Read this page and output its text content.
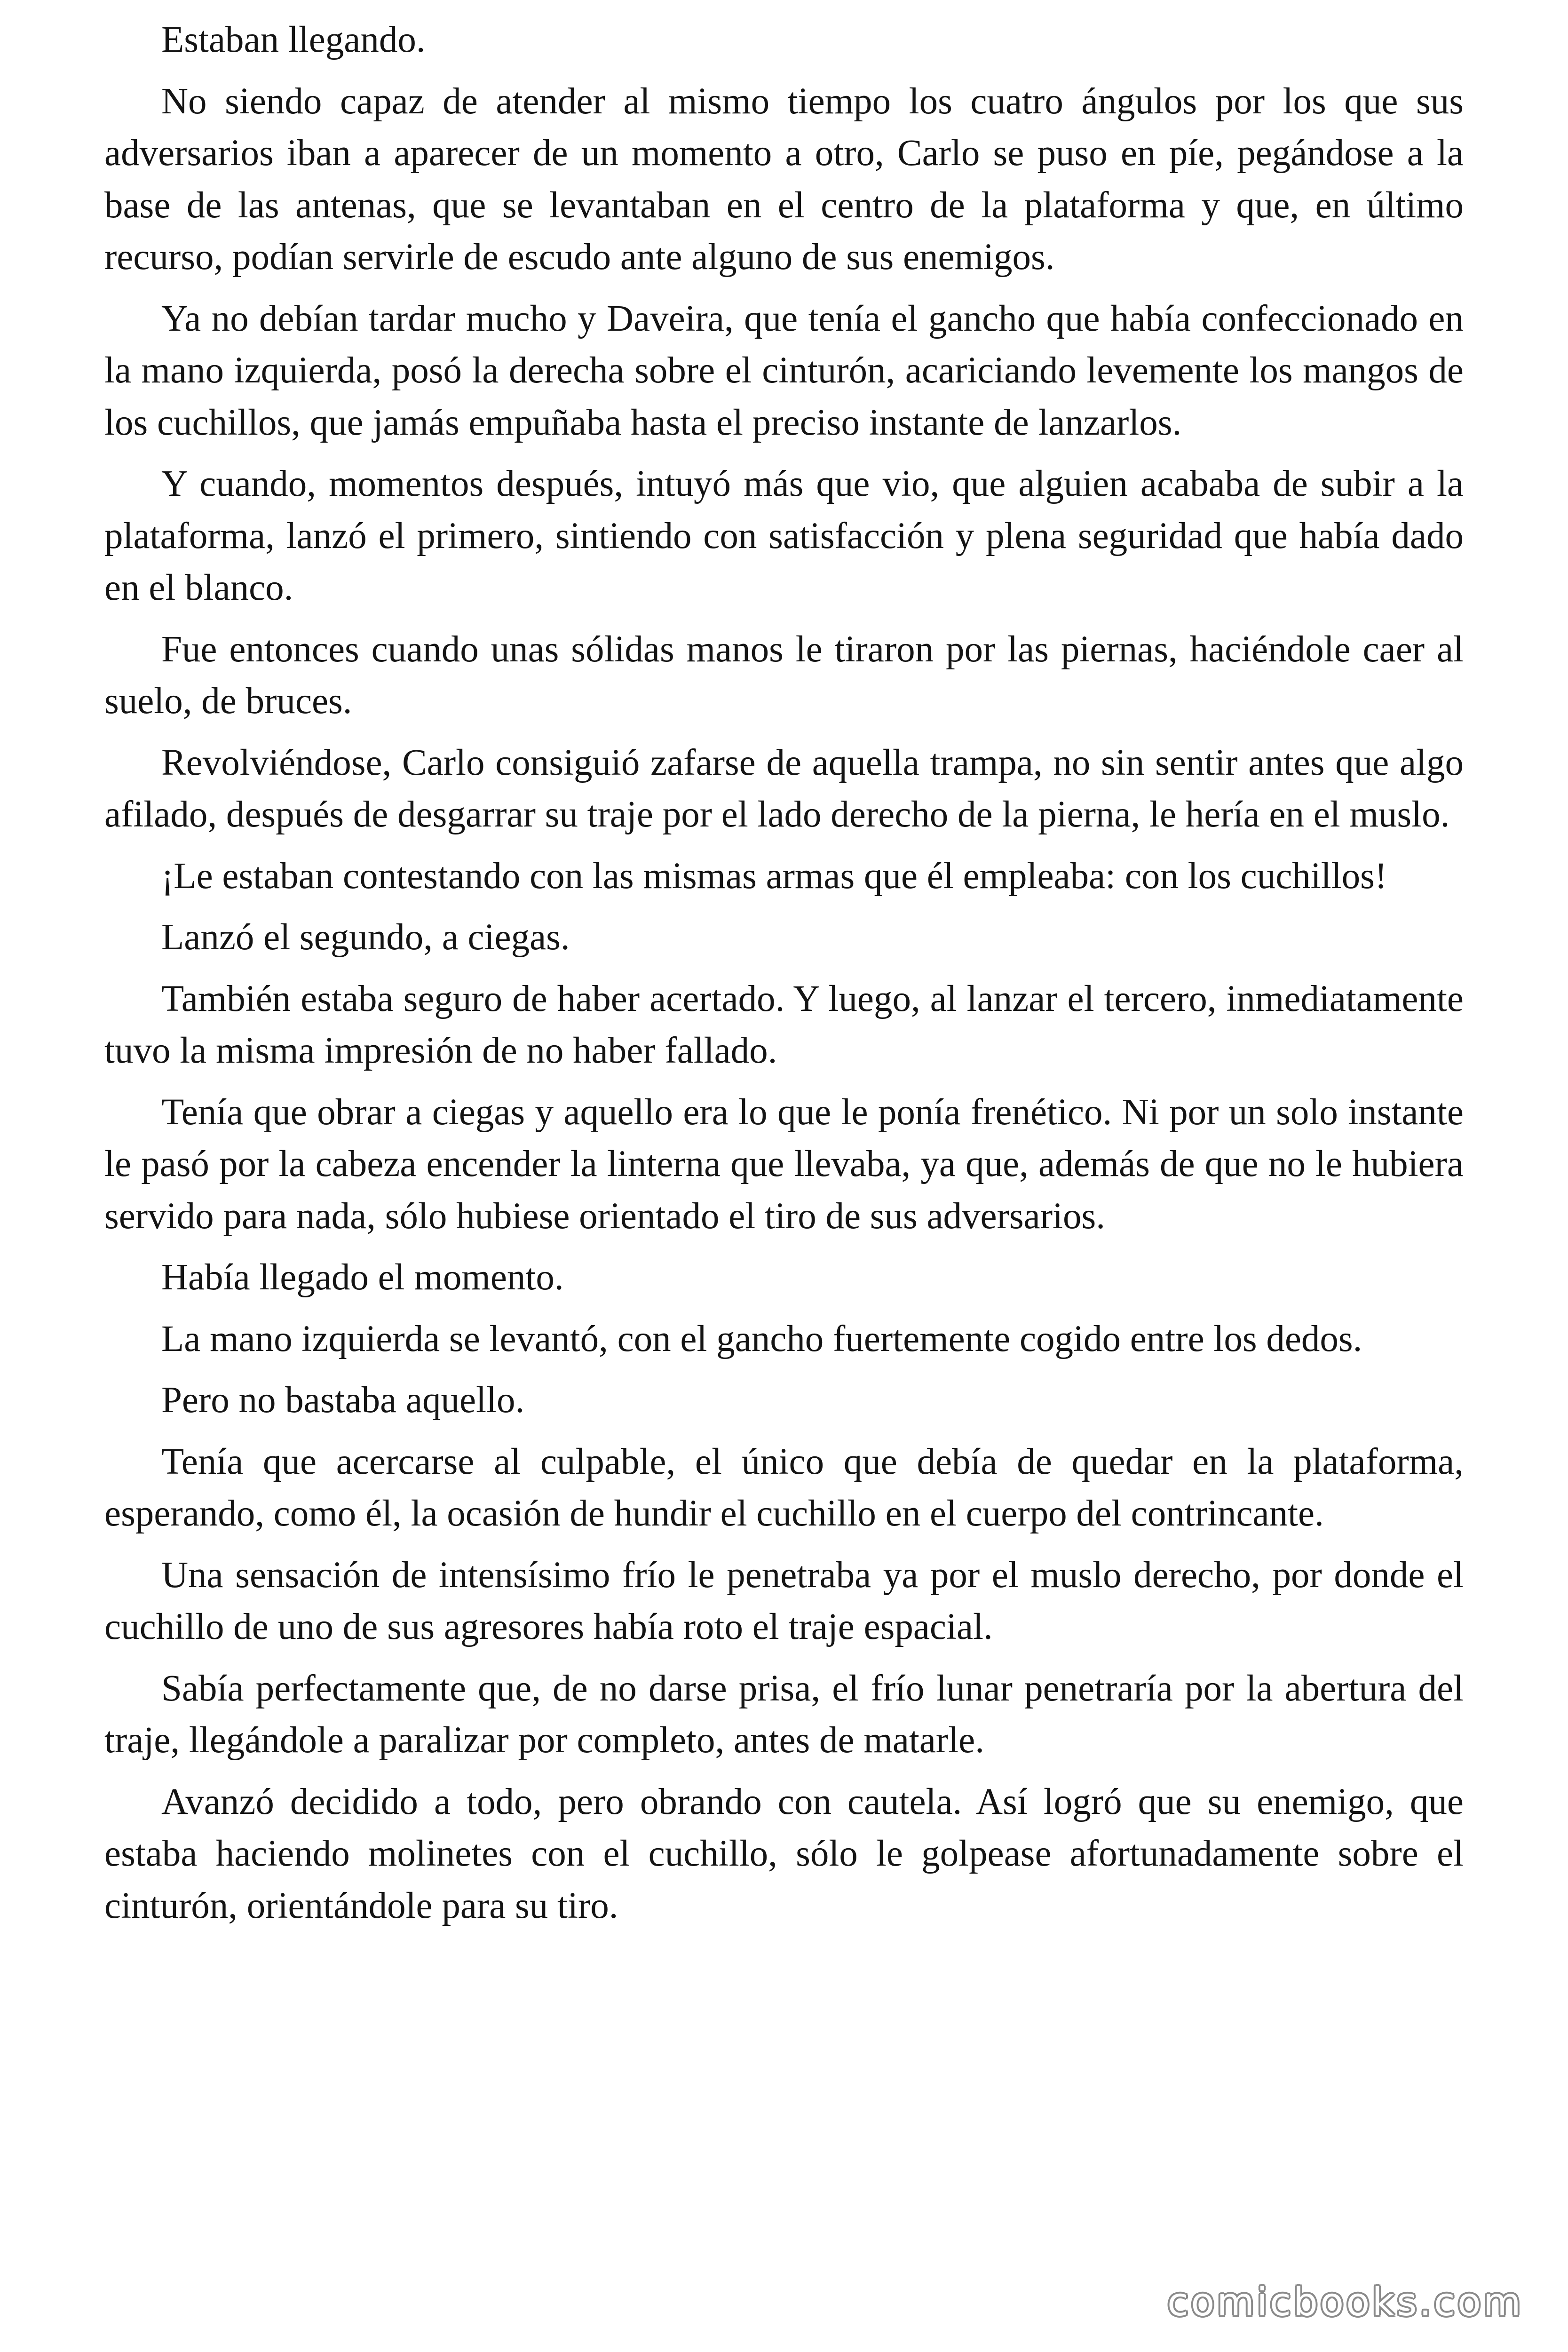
Estaban llegando.

No siendo capaz de atender al mismo tiempo los cuatro ángulos por los que sus adversarios iban a aparecer de un momento a otro, Carlo se puso en píe, pegándose a la base de las antenas, que se levantaban en el centro de la plataforma y que, en último recurso, podían servirle de escudo ante alguno de sus enemigos.

Ya no debían tardar mucho y Daveira, que tenía el gancho que había confeccionado en la mano izquierda, posó la derecha sobre el cinturón, acariciando levemente los mangos de los cuchillos, que jamás empuñaba hasta el preciso instante de lanzarlos.

Y cuando, momentos después, intuyó más que vio, que alguien acababa de subir a la plataforma, lanzó el primero, sintiendo con satisfacción y plena seguridad que había dado en el blanco.

Fue entonces cuando unas sólidas manos le tiraron por las piernas, haciéndole caer al suelo, de bruces.

Revolviéndose, Carlo consiguió zafarse de aquella trampa, no sin sentir antes que algo afilado, después de desgarrar su traje por el lado derecho de la pierna, le hería en el muslo.

¡Le estaban contestando con las mismas armas que él empleaba: con los cuchillos!

Lanzó el segundo, a ciegas.

También estaba seguro de haber acertado. Y luego, al lanzar el tercero, inmediatamente tuvo la misma impresión de no haber fallado.

Tenía que obrar a ciegas y aquello era lo que le ponía frenético. Ni por un solo instante le pasó por la cabeza encender la linterna que llevaba, ya que, además de que no le hubiera servido para nada, sólo hubiese orientado el tiro de sus adversarios.

Había llegado el momento.

La mano izquierda se levantó, con el gancho fuertemente cogido entre los dedos.

Pero no bastaba aquello.

Tenía que acercarse al culpable, el único que debía de quedar en la plataforma, esperando, como él, la ocasión de hundir el cuchillo en el cuerpo del contrincante.

Una sensación de intensísimo frío le penetraba ya por el muslo derecho, por donde el cuchillo de uno de sus agresores había roto el traje espacial.

Sabía perfectamente que, de no darse prisa, el frío lunar penetraría por la abertura del traje, llegándole a paralizar por completo, antes de matarle.

Avanzó decidido a todo, pero obrando con cautela. Así logró que su enemigo, que estaba haciendo molinetes con el cuchillo, sólo le golpease afortunadamente sobre el cinturón, orientándole para su tiro.

comicbooks.com
